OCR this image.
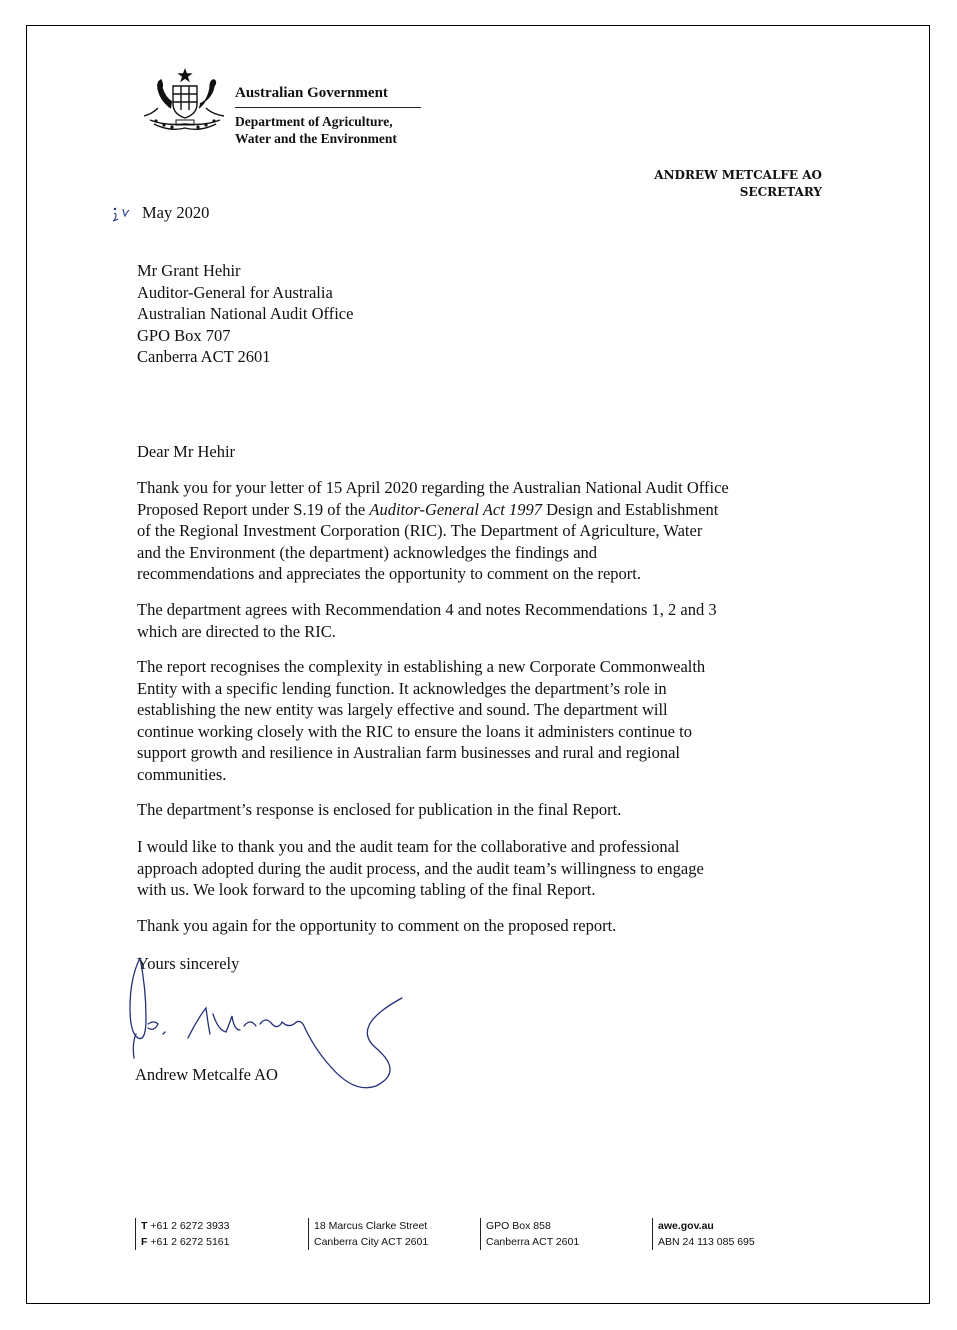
Australian Government
Department of Agriculture,
Water and the Environment
ANDREW METCALFE AO
SECRETARY
May 2020
Mr Grant Hehir
Auditor-General for Australia
Australian National Audit Office
GPO Box 707
Canberra ACT 2601
Dear Mr Hehir
Thank you for your letter of 15 April 2020 regarding the Australian National Audit Office
Proposed Report under S.19 of the Auditor-General Act 1997 Design and Establishment
of the Regional Investment Corporation (RIC). The Department of Agriculture, Water
and the Environment (the department) acknowledges the findings and
recommendations and appreciates the opportunity to comment on the report.
The department agrees with Recommendation 4 and notes Recommendations 1, 2 and 3
which are directed to the RIC.
The report recognises the complexity in establishing a new Corporate Commonwealth
Entity with a specific lending function. It acknowledges the department’s role in
establishing the new entity was largely effective and sound. The department will
continue working closely with the RIC to ensure the loans it administers continue to
support growth and resilience in Australian farm businesses and rural and regional
communities.
The department’s response is enclosed for publication in the final Report.
I would like to thank you and the audit team for the collaborative and professional
approach adopted during the audit process, and the audit team’s willingness to engage
with us. We look forward to the upcoming tabling of the final Report.
Thank you again for the opportunity to comment on the proposed report.
Yours sincerely
Andrew Metcalfe AO
T +61 2 6272 3933
F +61 2 6272 5161
18 Marcus Clarke Street
Canberra City ACT 2601
GPO Box 858
Canberra ACT 2601
awe.gov.au
ABN 24 113 085 695
